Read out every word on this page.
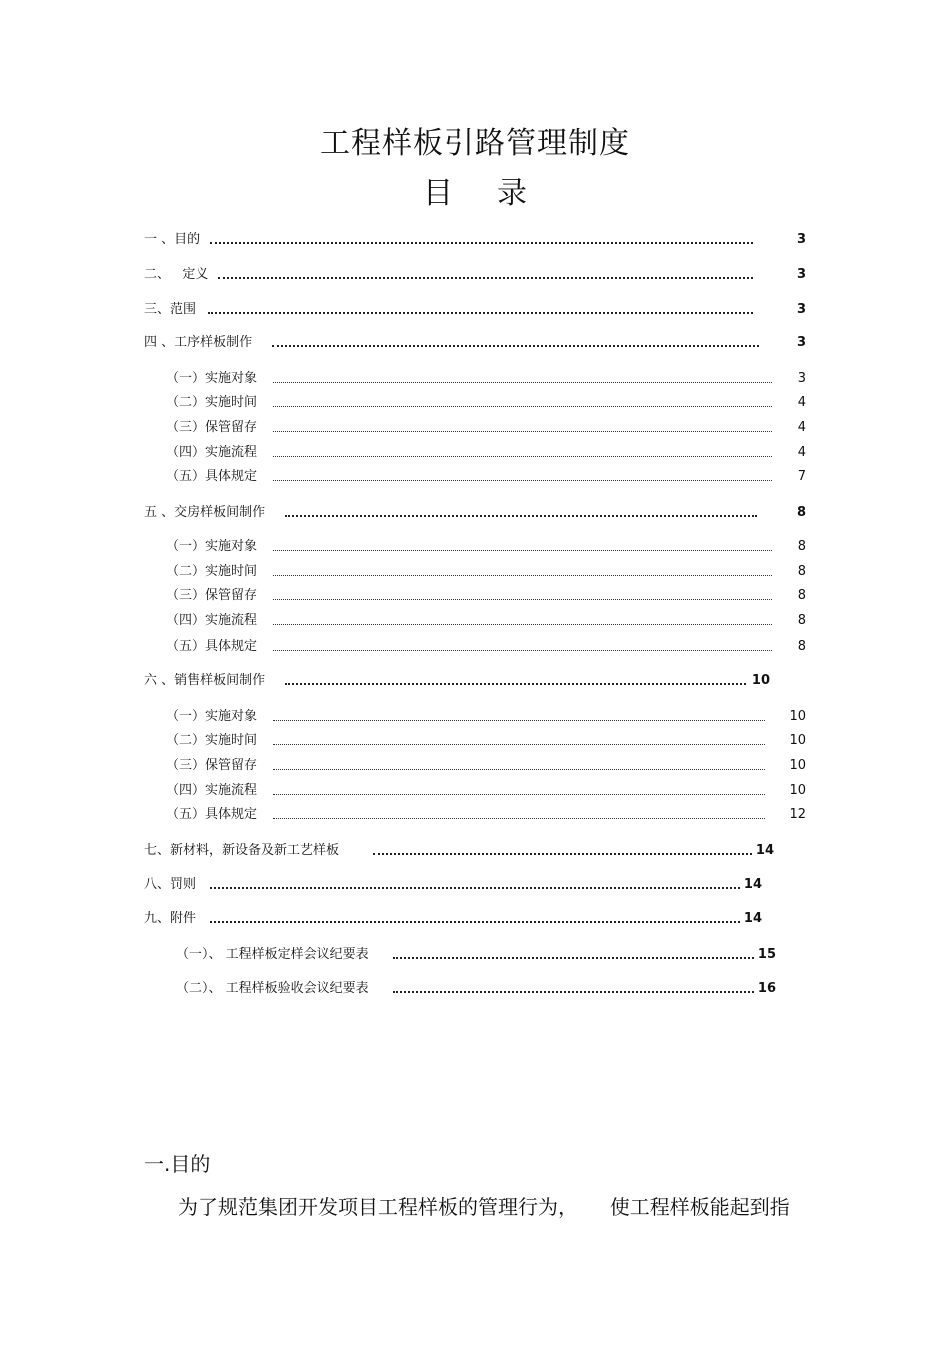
工程样板引路管理制度
目 录
一 、目的	3
二、   定义	3
三、范围	3
四 、工序样板制作	3
（一）实施对象	3
（二）实施时间	4
（三）保管留存	4
（四）实施流程	4
（五）具体规定	7
五 、交房样板间制作	8
（一）实施对象	8
（二）实施时间	8
（三）保管留存	8
（四）实施流程	8
（五）具体规定	8
六 、销售样板间制作	10
（一）实施对象	10
（二）实施时间	10
（三）保管留存	10
（四）实施流程	10
（五）具体规定	12
七、新材料，新设备及新工艺样板	14
八、罚则	14
九、附件	14
（一）、 工程样板定样会议纪要表	15
（二）、 工程样板验收会议纪要表	16
一.目的
为了规范集团开发项目工程样板的管理行为，     使工程样板能起到指
